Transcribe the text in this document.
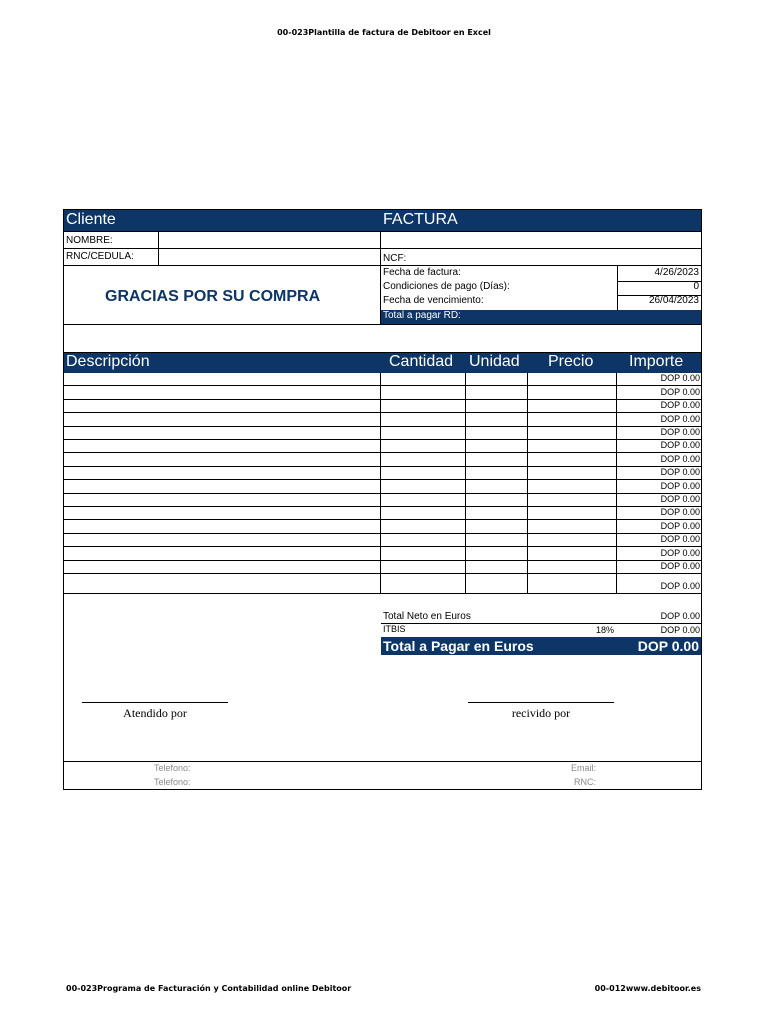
00-023Plantilla de factura de Debitoor en Excel
Cliente	FACTURA
NOMBRE:
RNC/CEDULA:	NCF:
Fecha de factura:	4/26/2023
Condiciones de pago (Días):	0
Fecha de vencimiento:	26/04/2023
Total a pagar RD:
GRACIAS POR SU COMPRA
Descripción	Cantidad Unidad Precio Importe
DOP 0.00
DOP 0.00
DOP 0.00
DOP 0.00
DOP 0.00
DOP 0.00
DOP 0.00
DOP 0.00
DOP 0.00
DOP 0.00
DOP 0.00
DOP 0.00
DOP 0.00
DOP 0.00
DOP 0.00
DOP 0.00
Total Neto en Euros	DOP 0.00
ITBIS	18%	DOP 0.00
Total a Pagar en Euros	DOP 0.00
Atendido por	recivido por
Telefono:
Telefono:
Email:
RNC:
00-023Programa de Facturación y Contabilidad online Debitoor	00-012www.debitoor.es
